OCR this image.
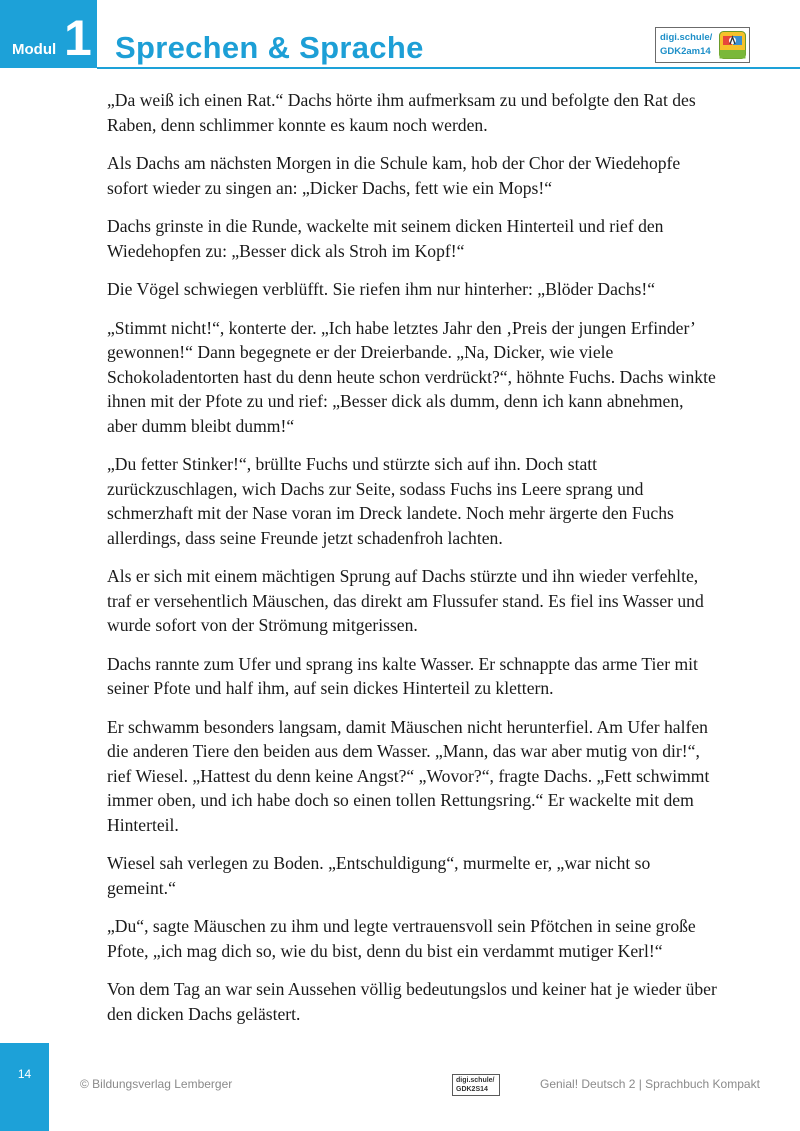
Modul 1 Sprechen & Sprache	digi.schule/
GDK2am14

„Da weiß ich einen Rat.“ Dachs hörte ihm aufmerksam zu und befolgte den Rat des Raben, denn schlimmer konnte es kaum noch werden.

Als Dachs am nächsten Morgen in die Schule kam, hob der Chor der Wiedehopfe sofort wieder zu singen an: „Dicker Dachs, fett wie ein Mops!“

Dachs grinste in die Runde, wackelte mit seinem dicken Hinterteil und rief den Wiedehopfen zu: „Besser dick als Stroh im Kopf!“

Die Vögel schwiegen verblüfft. Sie riefen ihm nur hinterher: „Blöder Dachs!“

„Stimmt nicht!“, konterte der. „Ich habe letztes Jahr den ‚Preis der jungen Erfinder’ gewonnen!“ Dann begegnete er der Dreierbande. „Na, Dicker, wie viele Schokoladentorten hast du denn heute schon verdrückt?“, höhnte Fuchs. Dachs winkte ihnen mit der Pfote zu und rief: „Besser dick als dumm, denn ich kann abnehmen, aber dumm bleibt dumm!“

„Du fetter Stinker!“, brüllte Fuchs und stürzte sich auf ihn. Doch statt zurückzuschlagen, wich Dachs zur Seite, sodass Fuchs ins Leere sprang und schmerzhaft mit der Nase voran im Dreck landete. Noch mehr ärgerte den Fuchs allerdings, dass seine Freunde jetzt schadenfroh lachten.

Als er sich mit einem mächtigen Sprung auf Dachs stürzte und ihn wieder verfehlte, traf er versehentlich Mäuschen, das direkt am Flussufer stand. Es fiel ins Wasser und wurde sofort von der Strömung mitgerissen.

Dachs rannte zum Ufer und sprang ins kalte Wasser. Er schnappte das arme Tier mit seiner Pfote und half ihm, auf sein dickes Hinterteil zu klettern.

Er schwamm besonders langsam, damit Mäuschen nicht herunterfiel. Am Ufer halfen die anderen Tiere den beiden aus dem Wasser. „Mann, das war aber mutig von dir!“, rief Wiesel. „Hattest du denn keine Angst?“ „Wovor?“, fragte Dachs. „Fett schwimmt immer oben, und ich habe doch so einen tollen Rettungsring.“ Er wackelte mit dem Hinterteil.

Wiesel sah verlegen zu Boden. „Entschuldigung“, murmelte er, „war nicht so gemeint.“

„Du“, sagte Mäuschen zu ihm und legte vertrauensvoll sein Pfötchen in seine große Pfote, „ich mag dich so, wie du bist, denn du bist ein verdammt mutiger Kerl!“

Von dem Tag an war sein Aussehen völlig bedeutungslos und keiner hat je wieder über den dicken Dachs gelästert.

14
© Bildungsverlag Lemberger	digi.schule/
GDK2S14	Genial! Deutsch 2 | Sprachbuch Kompakt
